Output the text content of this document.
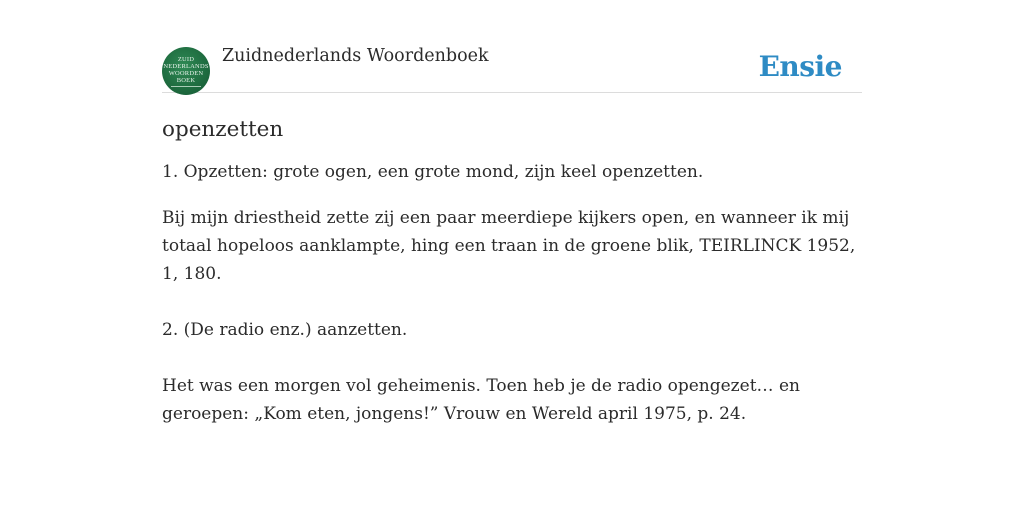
ZUID
NEDERLANDS
WOORDEN
BOEK
Zuidnederlands Woordenboek	Ensie
openzetten
1. Opzetten: grote ogen, een grote mond, zijn keel openzetten.
Bij mijn driestheid zette zij een paar meerdiepe kijkers open, en wanneer ik mij totaal hopeloos aanklampte, hing een traan in de groene blik, TEIRLINCK 1952, 1, 180.
2. (De radio enz.) aanzetten.
Het was een morgen vol geheimenis. Toen heb je de radio opengezet… en geroepen: „Kom eten, jongens!” Vrouw en Wereld april 1975, p. 24.
